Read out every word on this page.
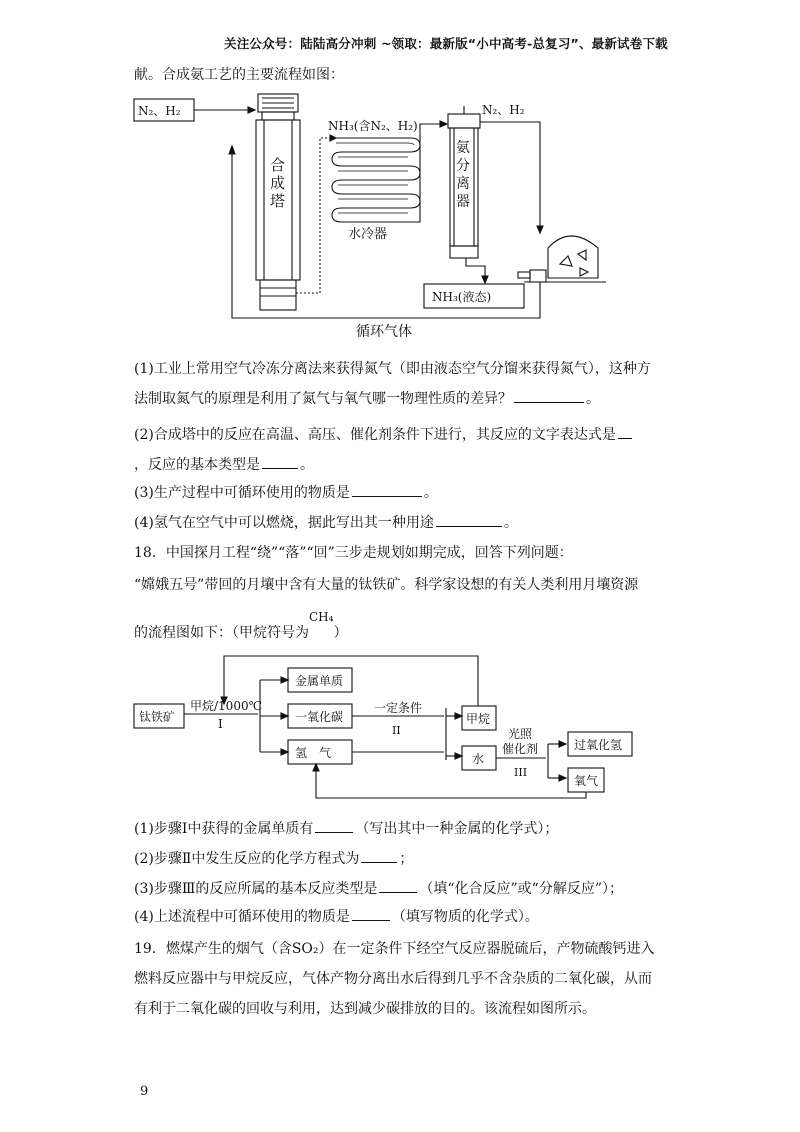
关注公众号：陆陆高分冲刺 ~领取：最新版“小中高考-总复习”、最新试卷下载
献。合成氨工艺的主要流程如图：
N₂、H₂
合
成
塔
NH₃(含N₂、H₂)
水冷器
氨
分
离
器
N₂、H₂
NH₃(液态)
循环气体
(1)工业上常用空气冷冻分离法来获得氮气（即由液态空气分馏来获得氮气），这种方
法制取氮气的原理是利用了氮气与氧气哪一物理性质的差异？	。
(2)合成塔中的反应在高温、高压、催化剂条件下进行，其反应的文字表达式是
，反应的基本类型是	。
(3)生产过程中可循环使用的物质是	。
(4)氢气在空气中可以燃烧，据此写出其一种用途	。
18．中国探月工程“绕”“落”“回”三步走规划如期完成，回答下列问题：
“嫦娥五号”带回的月壤中含有大量的钛铁矿。科学家设想的有关人类利用月壤资源
的流程图如下：（甲烷符号为CH₄）
钛铁矿
甲烷/1000℃
I
金属单质
一氧化碳
氢　气
一定条件
II
甲烷
水
光照
催化剂
III
过氧化氢
氧气
(1)步骤Ⅰ中获得的金属单质有	（写出其中一种金属的化学式）；
(2)步骤Ⅱ中发生反应的化学方程式为	；
(3)步骤Ⅲ的反应所属的基本反应类型是	（填“化合反应”或“分解反应”）；
(4)上述流程中可循环使用的物质是	（填写物质的化学式）。
19．燃煤产生的烟气（含SO₂）在一定条件下经空气反应器脱硫后，产物硫酸钙进入
燃料反应器中与甲烷反应，气体产物分离出水后得到几乎不含杂质的二氧化碳，从而
有利于二氧化碳的回收与利用，达到减少碳排放的目的。该流程如图所示。
9
